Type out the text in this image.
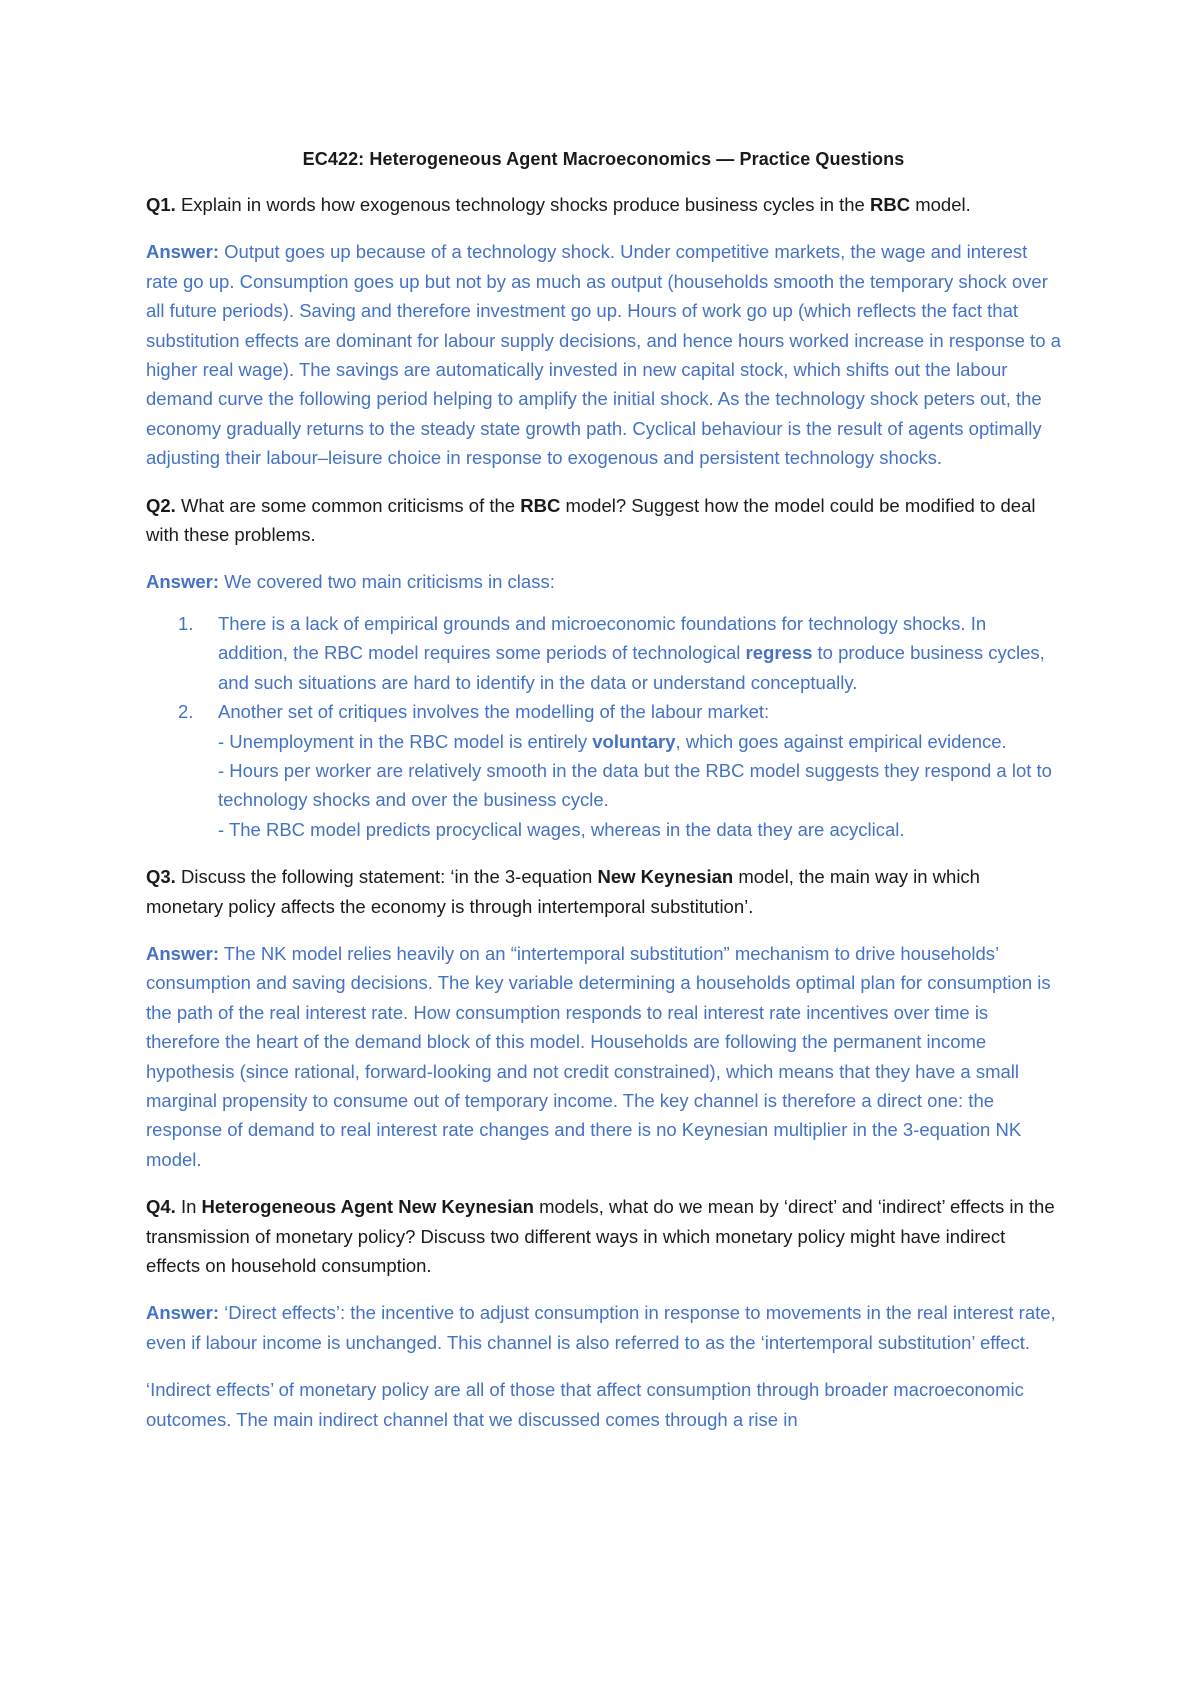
EC422: Heterogeneous Agent Macroeconomics — Practice Questions

Q1. Explain in words how exogenous technology shocks produce business cycles in the RBC model.

Answer: Output goes up because of a technology shock. Under competitive markets, the wage and interest rate go up. Consumption goes up but not by as much as output (households smooth the temporary shock over all future periods). Saving and therefore investment go up. Hours of work go up (which reflects the fact that substitution effects are dominant for labour supply decisions, and hence hours worked increase in response to a higher real wage). The savings are automatically invested in new capital stock, which shifts out the labour demand curve the following period helping to amplify the initial shock. As the technology shock peters out, the economy gradually returns to the steady state growth path. Cyclical behaviour is the result of agents optimally adjusting their labour–leisure choice in response to exogenous and persistent technology shocks.

Q2. What are some common criticisms of the RBC model? Suggest how the model could be modified to deal with these problems.

Answer: We covered two main criticisms in class:

1. There is a lack of empirical grounds and microeconomic foundations for technology shocks. In addition, the RBC model requires some periods of technological regress to produce business cycles, and such situations are hard to identify in the data or understand conceptually.
2. Another set of critiques involves the modelling of the labour market:
- Unemployment in the RBC model is entirely voluntary, which goes against empirical evidence.
- Hours per worker are relatively smooth in the data but the RBC model suggests they respond a lot to technology shocks and over the business cycle.
- The RBC model predicts procyclical wages, whereas in the data they are acyclical.

Q3. Discuss the following statement: ‘in the 3-equation New Keynesian model, the main way in which monetary policy affects the economy is through intertemporal substitution’.

Answer: The NK model relies heavily on an “intertemporal substitution” mechanism to drive households’ consumption and saving decisions. The key variable determining a households optimal plan for consumption is the path of the real interest rate. How consumption responds to real interest rate incentives over time is therefore the heart of the demand block of this model. Households are following the permanent income hypothesis (since rational, forward-looking and not credit constrained), which means that they have a small marginal propensity to consume out of temporary income. The key channel is therefore a direct one: the response of demand to real interest rate changes and there is no Keynesian multiplier in the 3-equation NK model.

Q4. In Heterogeneous Agent New Keynesian models, what do we mean by ‘direct’ and ‘indirect’ effects in the transmission of monetary policy? Discuss two different ways in which monetary policy might have indirect effects on household consumption.

Answer: ‘Direct effects’: the incentive to adjust consumption in response to movements in the real interest rate, even if labour income is unchanged. This channel is also referred to as the ‘intertemporal substitution’ effect.

‘Indirect effects’ of monetary policy are all of those that affect consumption through broader macroeconomic outcomes. The main indirect channel that we discussed comes through a rise in
